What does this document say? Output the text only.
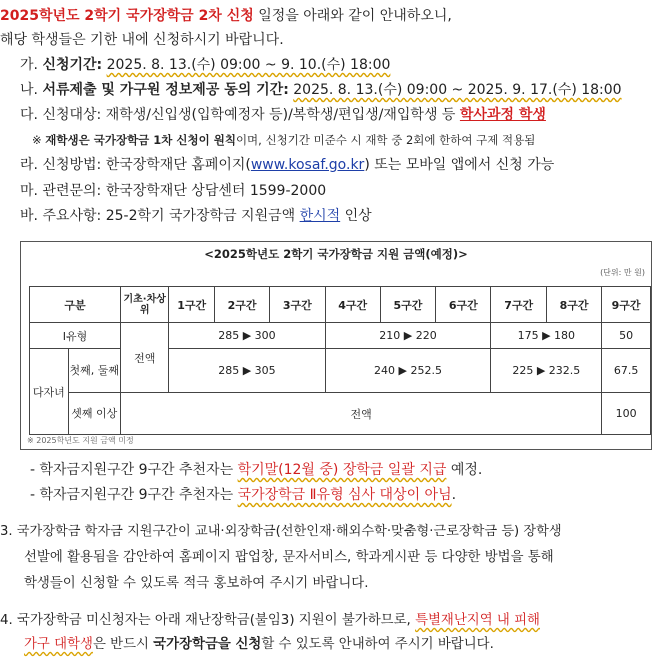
2025학년도 2학기 국가장학금 2차 신청 일정을 아래와 같이 안내하오니,
해당 학생들은 기한 내에 신청하시기 바랍니다.
가. 신청기간: 2025. 8. 13.(수) 09:00 ~ 9. 10.(수) 18:00
나. 서류제출 및 가구원 정보제공 동의 기간: 2025. 8. 13.(수) 09:00 ~ 2025. 9. 17.(수) 18:00
다. 신청대상: 재학생/신입생(입학예정자 등)/복학생/편입생/재입학생 등 학사과정 학생
※ 재학생은 국가장학금 1차 신청이 원칙이며, 신청기간 미준수 시 재학 중 2회에 한하여 구제 적용됨
라. 신청방법: 한국장학재단 홈페이지(www.kosaf.go.kr) 또는 모바일 앱에서 신청 가능
마. 관련문의: 한국장학재단 상담센터 1599-2000
바. 주요사항: 25-2학기 국가장학금 지원금액 한시적 인상
<2025학년도 2학기 국가장학금 지원 금액(예정)>
(단위: 만 원)
구분		기초·차상위	1구간	2구간	3구간	4구간	5구간	6구간	7구간	8구간	9구간
Ⅰ유형		전액	285 ▶ 300			210 ▶ 220			175 ▶ 180		50
다자녀	첫째, 둘째		285 ▶ 305			240 ▶ 252.5			225 ▶ 232.5		67.5
	셋째 이상	전액									100
※ 2025학년도 지원 금액 미정
- 학자금지원구간 9구간 추천자는 학기말(12월 중) 장학금 일괄 지급 예정.
- 학자금지원구간 9구간 추천자는 국가장학금 Ⅱ유형 심사 대상이 아님.
3. 국가장학금 학자금 지원구간이 교내·외장학금(선한인재·해외수학·맞춤형·근로장학금 등) 장학생
선발에 활용됨을 감안하여 홈페이지 팝업창, 문자서비스, 학과게시판 등 다양한 방법을 통해
학생들이 신청할 수 있도록 적극 홍보하여 주시기 바랍니다.
4. 국가장학금 미신청자는 아래 재난장학금(불임3) 지원이 불가하므로, 특별재난지역 내 피해
가구 대학생은 반드시 국가장학금을 신청할 수 있도록 안내하여 주시기 바랍니다.
